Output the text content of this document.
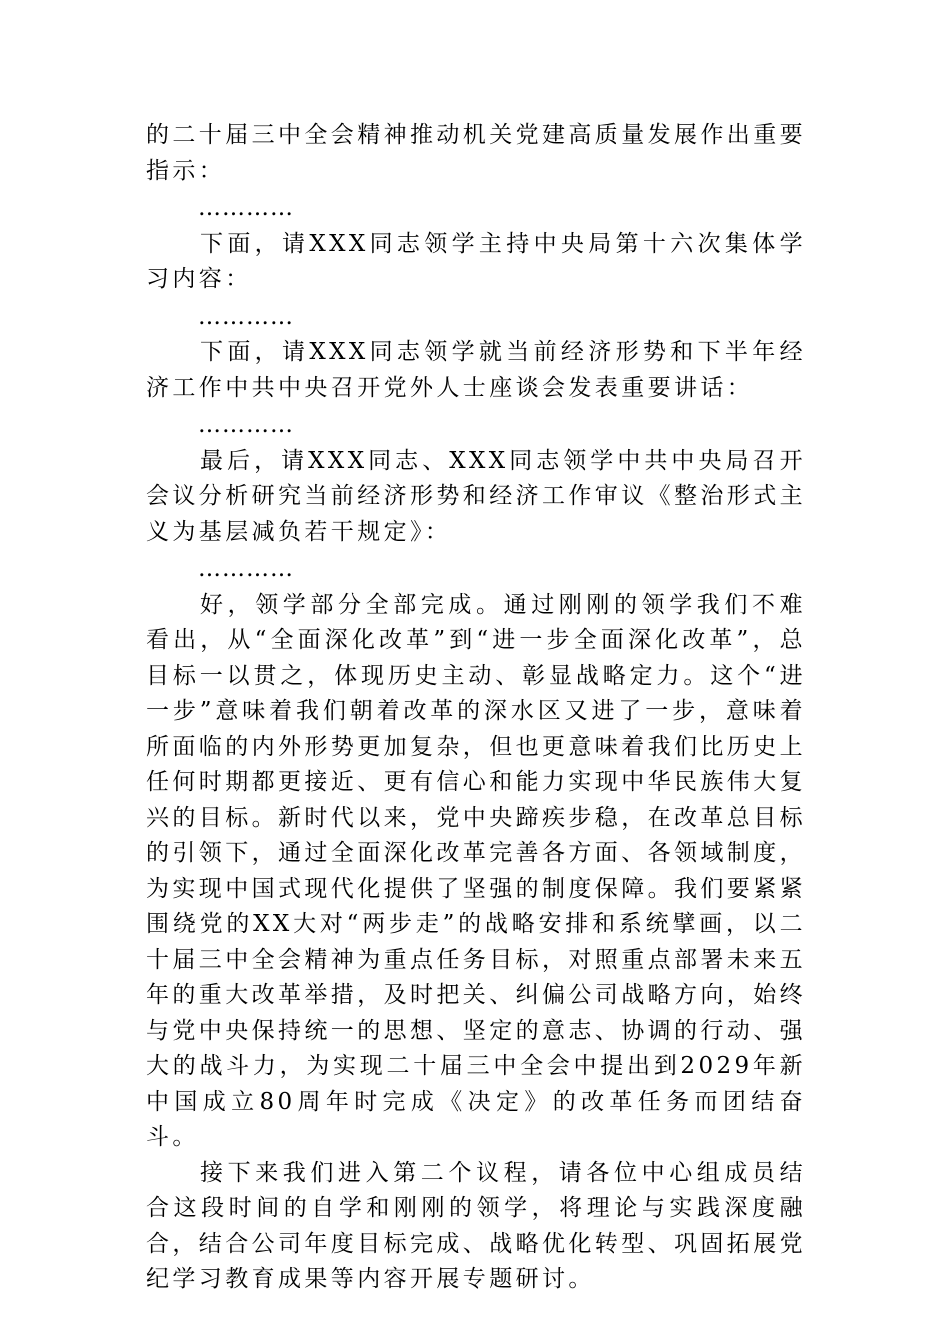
的二十届三中全会精神推动机关党建高质量发展作出重要指示：

…………

下面，请XXX同志领学主持中央局第十六次集体学习内容：

…………

下面，请XXX同志领学就当前经济形势和下半年经济工作中共中央召开党外人士座谈会发表重要讲话：

…………

最后，请XXX同志、XXX同志领学中共中央局召开会议分析研究当前经济形势和经济工作审议《整治形式主义为基层减负若干规定》：

…………

好，领学部分全部完成。通过刚刚的领学我们不难看出，从“全面深化改革”到“进一步全面深化改革”，总目标一以贯之，体现历史主动、彰显战略定力。这个“进一步”意味着我们朝着改革的深水区又进了一步，意味着所面临的内外形势更加复杂，但也更意味着我们比历史上任何时期都更接近、更有信心和能力实现中华民族伟大复兴的目标。新时代以来，党中央蹄疾步稳，在改革总目标的引领下，通过全面深化改革完善各方面、各领域制度，为实现中国式现代化提供了坚强的制度保障。我们要紧紧围绕党的XX大对“两步走”的战略安排和系统擘画，以二十届三中全会精神为重点任务目标，对照重点部署未来五年的重大改革举措，及时把关、纠偏公司战略方向，始终与党中央保持统一的思想、坚定的意志、协调的行动、强大的战斗力，为实现二十届三中全会中提出到2029年新中国成立80周年时完成《决定》的改革任务而团结奋斗。

接下来我们进入第二个议程，请各位中心组成员结合这段时间的自学和刚刚的领学，将理论与实践深度融合，结合公司年度目标完成、战略优化转型、巩固拓展党纪学习教育成果等内容开展专题研讨。
